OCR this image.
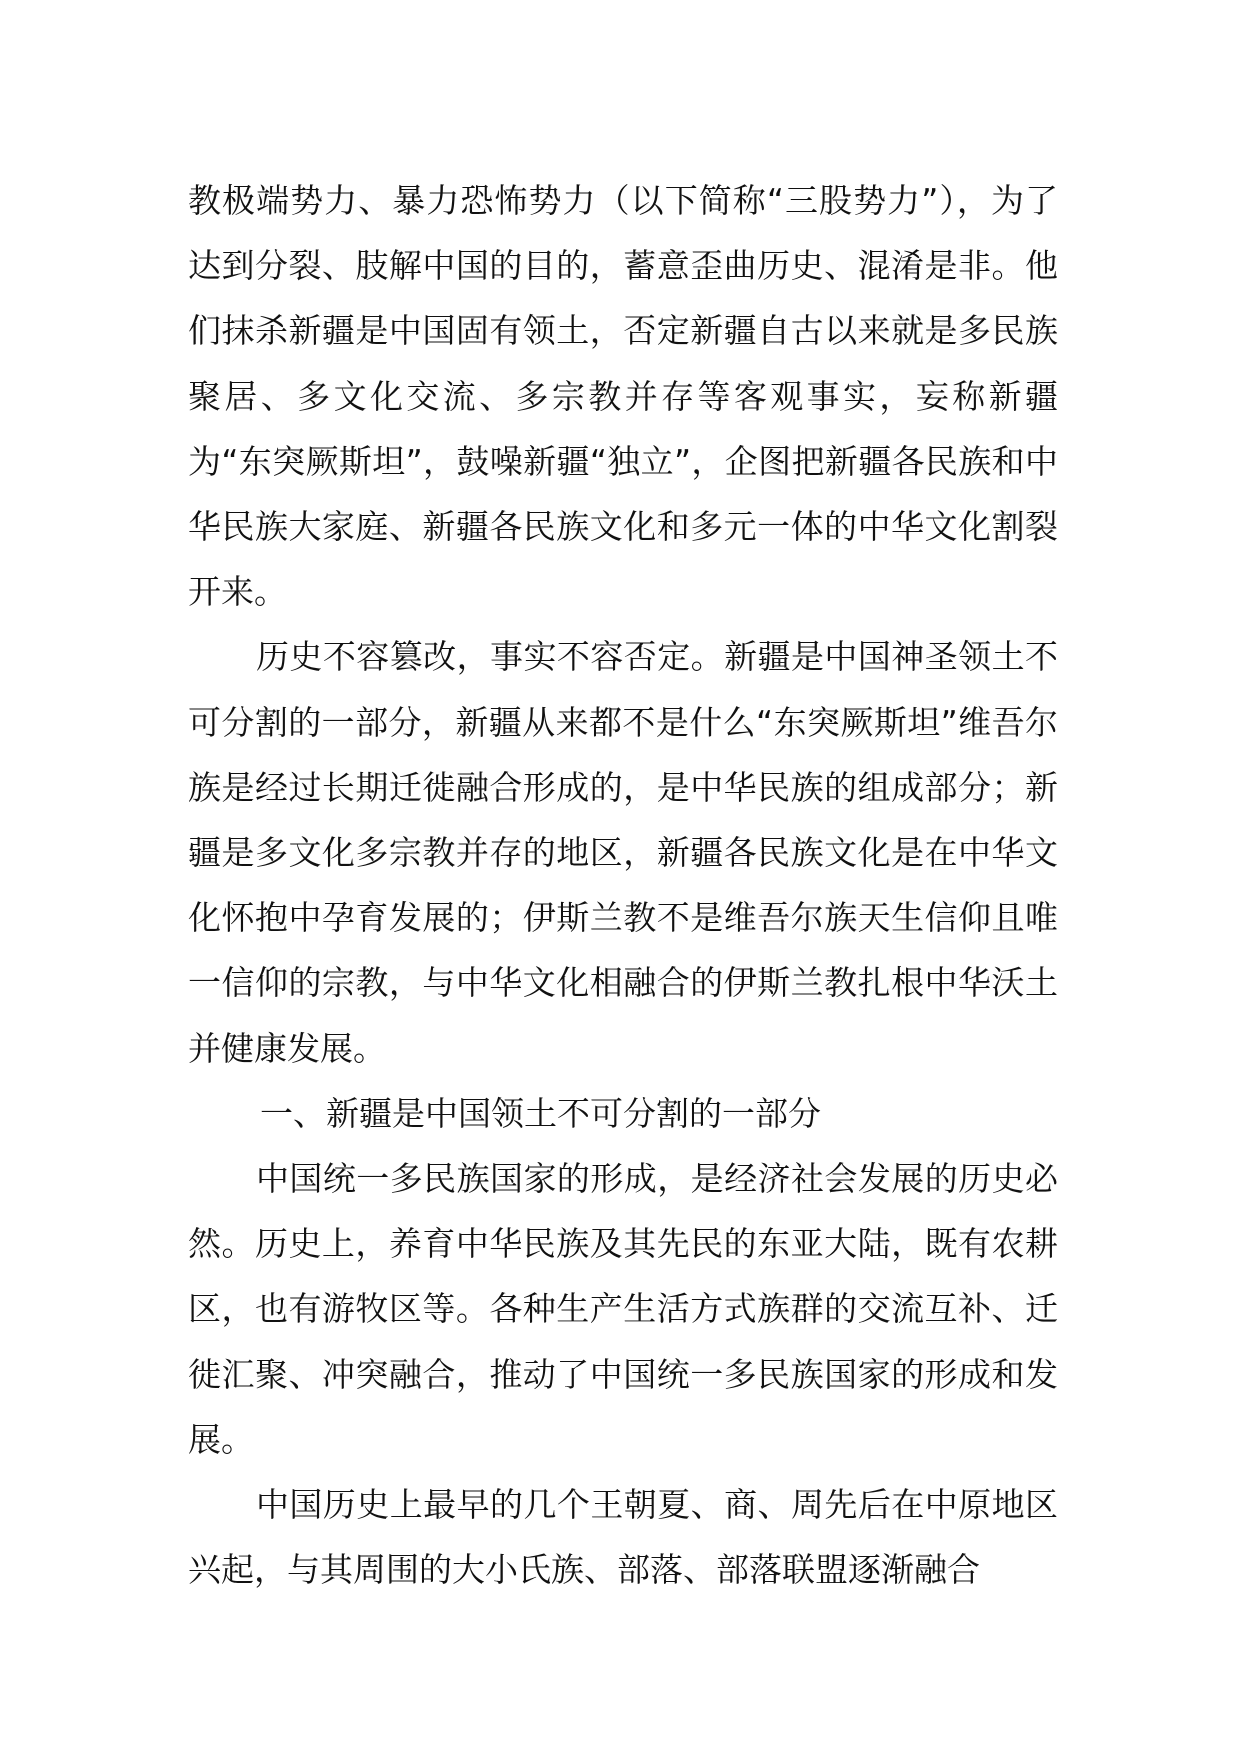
教极端势力、暴力恐怖势力（以下简称“三股势力”），为了达到分裂、肢解中国的目的，蓄意歪曲历史、混淆是非。他们抹杀新疆是中国固有领土，否定新疆自古以来就是多民族聚居、多文化交流、多宗教并存等客观事实，妄称新疆为“东突厥斯坦”，鼓噪新疆“独立”，企图把新疆各民族和中华民族大家庭、新疆各民族文化和多元一体的中华文化割裂开来。

历史不容篡改，事实不容否定。新疆是中国神圣领土不可分割的一部分，新疆从来都不是什么“东突厥斯坦”维吾尔族是经过长期迁徙融合形成的，是中华民族的组成部分；新疆是多文化多宗教并存的地区，新疆各民族文化是在中华文化怀抱中孕育发展的；伊斯兰教不是维吾尔族天生信仰且唯一信仰的宗教，与中华文化相融合的伊斯兰教扎根中华沃土并健康发展。

一、新疆是中国领土不可分割的一部分

中国统一多民族国家的形成，是经济社会发展的历史必然。历史上，养育中华民族及其先民的东亚大陆，既有农耕区，也有游牧区等。各种生产生活方式族群的交流互补、迁徙汇聚、冲突融合，推动了中国统一多民族国家的形成和发展。

中国历史上最早的几个王朝夏、商、周先后在中原地区兴起，与其周围的大小氏族、部落、部落联盟逐渐融合
